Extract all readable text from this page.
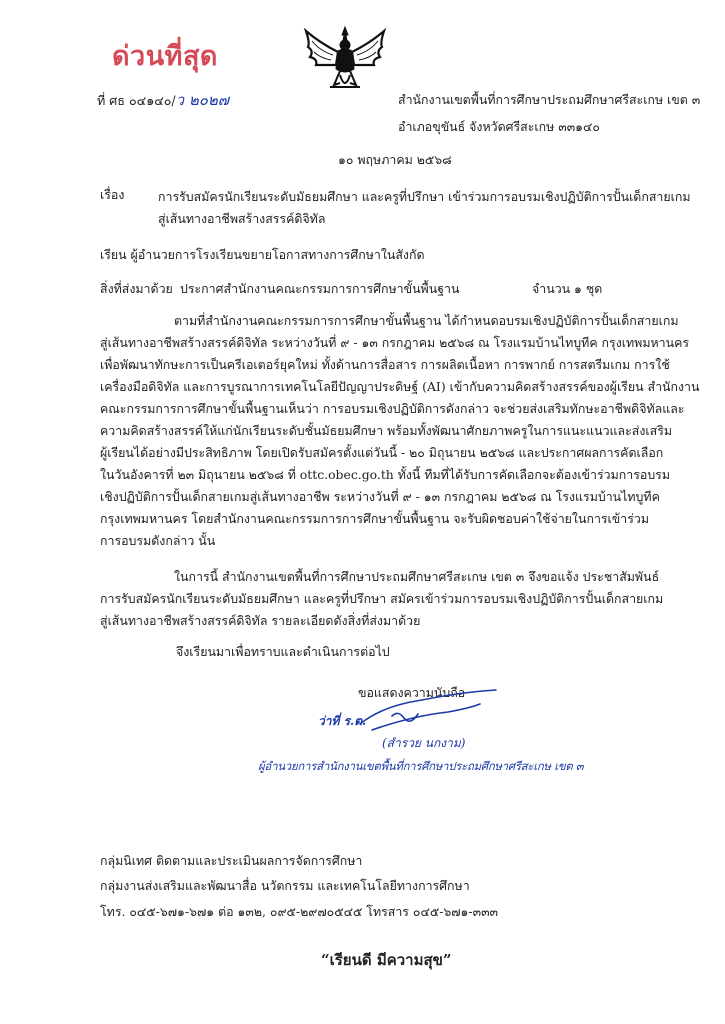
ด่วนที่สุด
ที่ ศธ ๐๔๑๔๐/ว ๒๐๒๗	สำนักงานเขตพื้นที่การศึกษาประถมศึกษาศรีสะเกษ เขต ๓
อำเภอขุขันธ์ จังหวัดศรีสะเกษ ๓๓๑๔๐
๑๐ พฤษภาคม ๒๕๖๘
เรื่อง	การรับสมัครนักเรียนระดับมัธยมศึกษา และครูที่ปรึกษา เข้าร่วมการอบรมเชิงปฏิบัติการปั้นเด็กสายเกม
สู่เส้นทางอาชีพสร้างสรรค์ดิจิทัล
เรียน ผู้อำนวยการโรงเรียนขยายโอกาสทางการศึกษาในสังกัด
สิ่งที่ส่งมาด้วย ประกาศสำนักงานคณะกรรมการการศึกษาขั้นพื้นฐาน	จำนวน ๑ ชุด
ตามที่สำนักงานคณะกรรมการการศึกษาขั้นพื้นฐาน ได้กำหนดอบรมเชิงปฏิบัติการปั้นเด็กสายเกม
สู่เส้นทางอาชีพสร้างสรรค์ดิจิทัล ระหว่างวันที่ ๙ - ๑๓ กรกฎาคม ๒๕๖๘ ณ โรงแรมบ้านไทบูทีค กรุงเทพมหานคร
เพื่อพัฒนาทักษะการเป็นครีเอเตอร์ยุคใหม่ ทั้งด้านการสื่อสาร การผลิตเนื้อหา การพากย์ การสตรีมเกม การใช้
เครื่องมือดิจิทัล และการบูรณาการเทคโนโลยีปัญญาประดิษฐ์ (AI) เข้ากับความคิดสร้างสรรค์ของผู้เรียน สำนักงาน
คณะกรรมการการศึกษาขั้นพื้นฐานเห็นว่า การอบรมเชิงปฏิบัติการดังกล่าว จะช่วยส่งเสริมทักษะอาชีพดิจิทัลและ
ความคิดสร้างสรรค์ให้แก่นักเรียนระดับชั้นมัธยมศึกษา พร้อมทั้งพัฒนาศักยภาพครูในการแนะแนวและส่งเสริม
ผู้เรียนได้อย่างมีประสิทธิภาพ โดยเปิดรับสมัครตั้งแต่วันนี้ - ๒๐ มิถุนายน ๒๕๖๘ และประกาศผลการคัดเลือก
ในวันอังคารที่ ๒๓ มิถุนายน ๒๕๖๘ ที่ ottc.obec.go.th ทั้งนี้ ทีมที่ได้รับการคัดเลือกจะต้องเข้าร่วมการอบรม
เชิงปฏิบัติการปั้นเด็กสายเกมสู่เส้นทางอาชีพ ระหว่างวันที่ ๙ - ๑๓ กรกฎาคม ๒๕๖๘ ณ โรงแรมบ้านไทบูทีค
กรุงเทพมหานคร โดยสำนักงานคณะกรรมการการศึกษาขั้นพื้นฐาน จะรับผิดชอบค่าใช้จ่ายในการเข้าร่วม
การอบรมดังกล่าว นั้น
ในการนี้ สำนักงานเขตพื้นที่การศึกษาประถมศึกษาศรีสะเกษ เขต ๓ จึงขอแจ้ง ประชาสัมพันธ์
การรับสมัครนักเรียนระดับมัธยมศึกษา และครูที่ปรึกษา สมัครเข้าร่วมการอบรมเชิงปฏิบัติการปั้นเด็กสายเกม
สู่เส้นทางอาชีพสร้างสรรค์ดิจิทัล รายละเอียดดังสิ่งที่ส่งมาด้วย
จึงเรียนมาเพื่อทราบและดำเนินการต่อไป
ขอแสดงความนับถือ
ว่าที่ ร.ต.
(สำรวย นกงาม)
ผู้อำนวยการสำนักงานเขตพื้นที่การศึกษาประถมศึกษาศรีสะเกษ เขต ๓
กลุ่มนิเทศ ติดตามและประเมินผลการจัดการศึกษา
กลุ่มงานส่งเสริมและพัฒนาสื่อ นวัตกรรม และเทคโนโลยีทางการศึกษา
โทร. ๐๔๕-๖๗๑-๖๗๑ ต่อ ๑๓๒, ๐๙๕-๒๙๗๐๕๔๕ โทรสาร ๐๔๕-๖๗๑-๓๓๓
“เรียนดี มีความสุข”
